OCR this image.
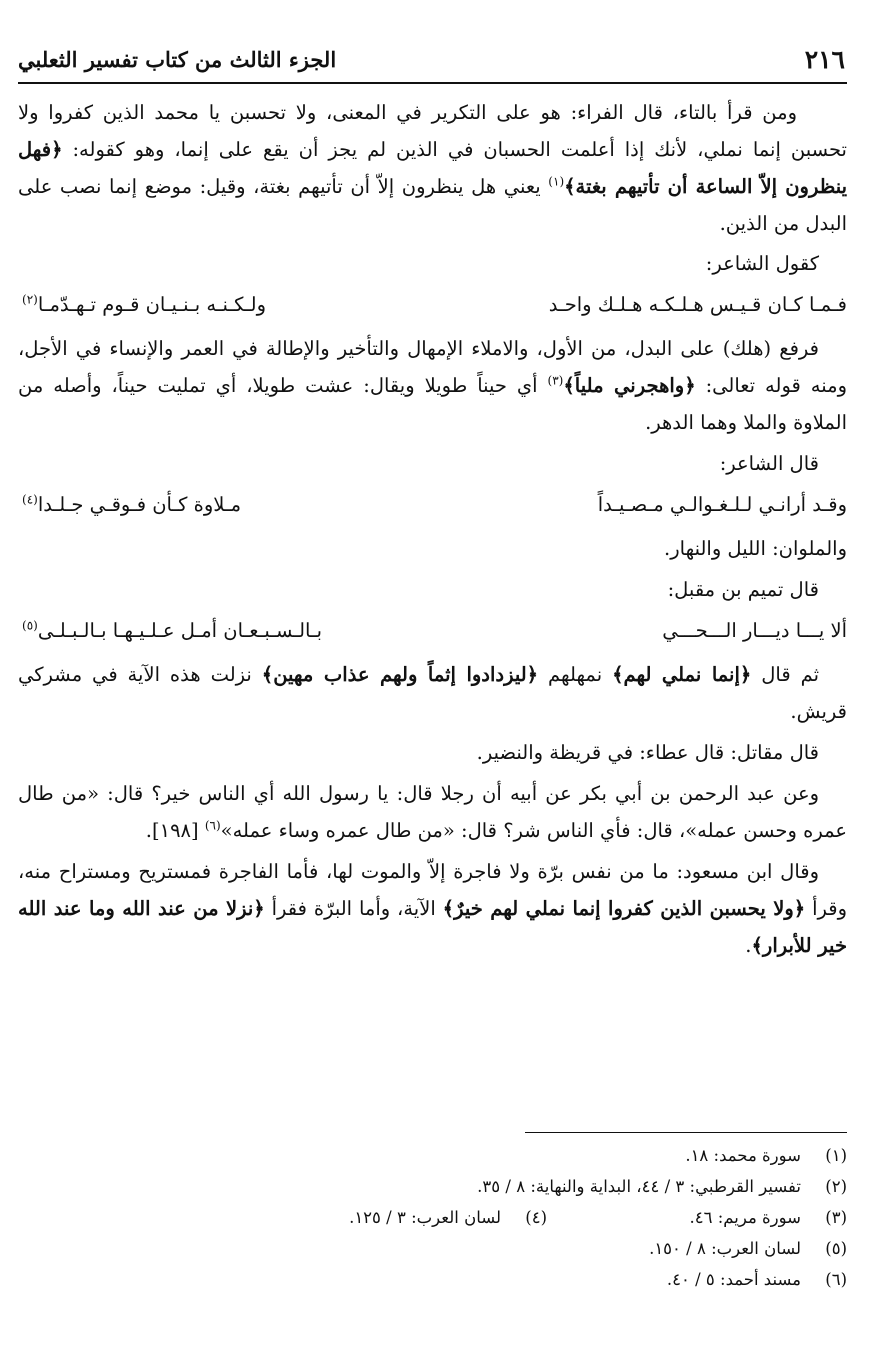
٢١٦
الجزء الثالث من كتاب تفسير الثعلبي

ومن قرأ بالتاء، قال الفراء: هو على التكرير في المعنى، ولا تحسبن يا محمد الذين كفروا ولا تحسبن إنما نملي، لأنك إذا أعلمت الحسبان في الذين لم يجز أن يقع على إنما، وهو كقوله: ﴿فهل ينظرون إلاّ الساعة أن تأتيهم بغتة﴾$^{(١)}$ يعني هل ينظرون إلاّ أن تأتيهم بغتة، وقيل: موضع إنما نصب على البدل من الذين.

كقول الشاعر:

فـمـا كـان قـيـس هـلـكـه هـلـك واحـد
ولـكـنـه بـنـيـان قـوم تـهـدّمـا$^{(٢)}$

فرفع (هلك) على البدل، من الأول، والاملاء الإمهال والتأخير والإطالة في العمر والإنساء في الأجل، ومنه قوله تعالى: ﴿واهجرني ملياً﴾$^{(٣)}$ أي حيناً طويلا ويقال: عشت طويلا، أي تمليت حيناً، وأصله من الملاوة والملا وهما الدهر.

قال الشاعر:

وقـد أرانـي لـلـغـوالـي مـصـيـداً
مـلاوة كـأن فـوقـي جـلـدا$^{(٤)}$

والملوان: الليل والنهار.

قال تميم بن مقبل:

ألا يـــا ديـــار الـــحـــي
بـالـسـبـعـان أمـل عـلـيـهـا بـالـبـلـى$^{(٥)}$

ثم قال ﴿إنما نملي لهم﴾ نمهلهم ﴿ليزدادوا إثماً ولهم عذاب مهين﴾ نزلت هذه الآية في مشركي قريش.

قال مقاتل: قال عطاء: في قريظة والنضير.

وعن عبد الرحمن بن أبي بكر عن أبيه أن رجلا قال: يا رسول الله أي الناس خير؟ قال: «من طال عمره وحسن عمله»، قال: فأي الناس شر؟ قال: «من طال عمره وساء عمله»$^{(٦)}$ [١٩٨].

وقال ابن مسعود: ما من نفس برّة ولا فاجرة إلاّ والموت لها، فأما الفاجرة فمستريح ومستراح منه، وقرأ ﴿ولا يحسبن الذين كفروا إنما نملي لهم خيرٌ﴾ الآية، وأما البرّة فقرأ ﴿نزلا من عند الله وما عند الله خير للأبرار﴾.

(١)
سورة محمد: ١٨.
(٢)
تفسير القرطبي: ٣ / ٤٤، البداية والنهاية: ٨ / ٣٥.
(٣)
سورة مريم: ٤٦.
(٤)
لسان العرب: ٣ / ١٢٥.
(٥)
لسان العرب: ٨ / ١٥٠.
(٦)
مسند أحمد: ٥ / ٤٠.
